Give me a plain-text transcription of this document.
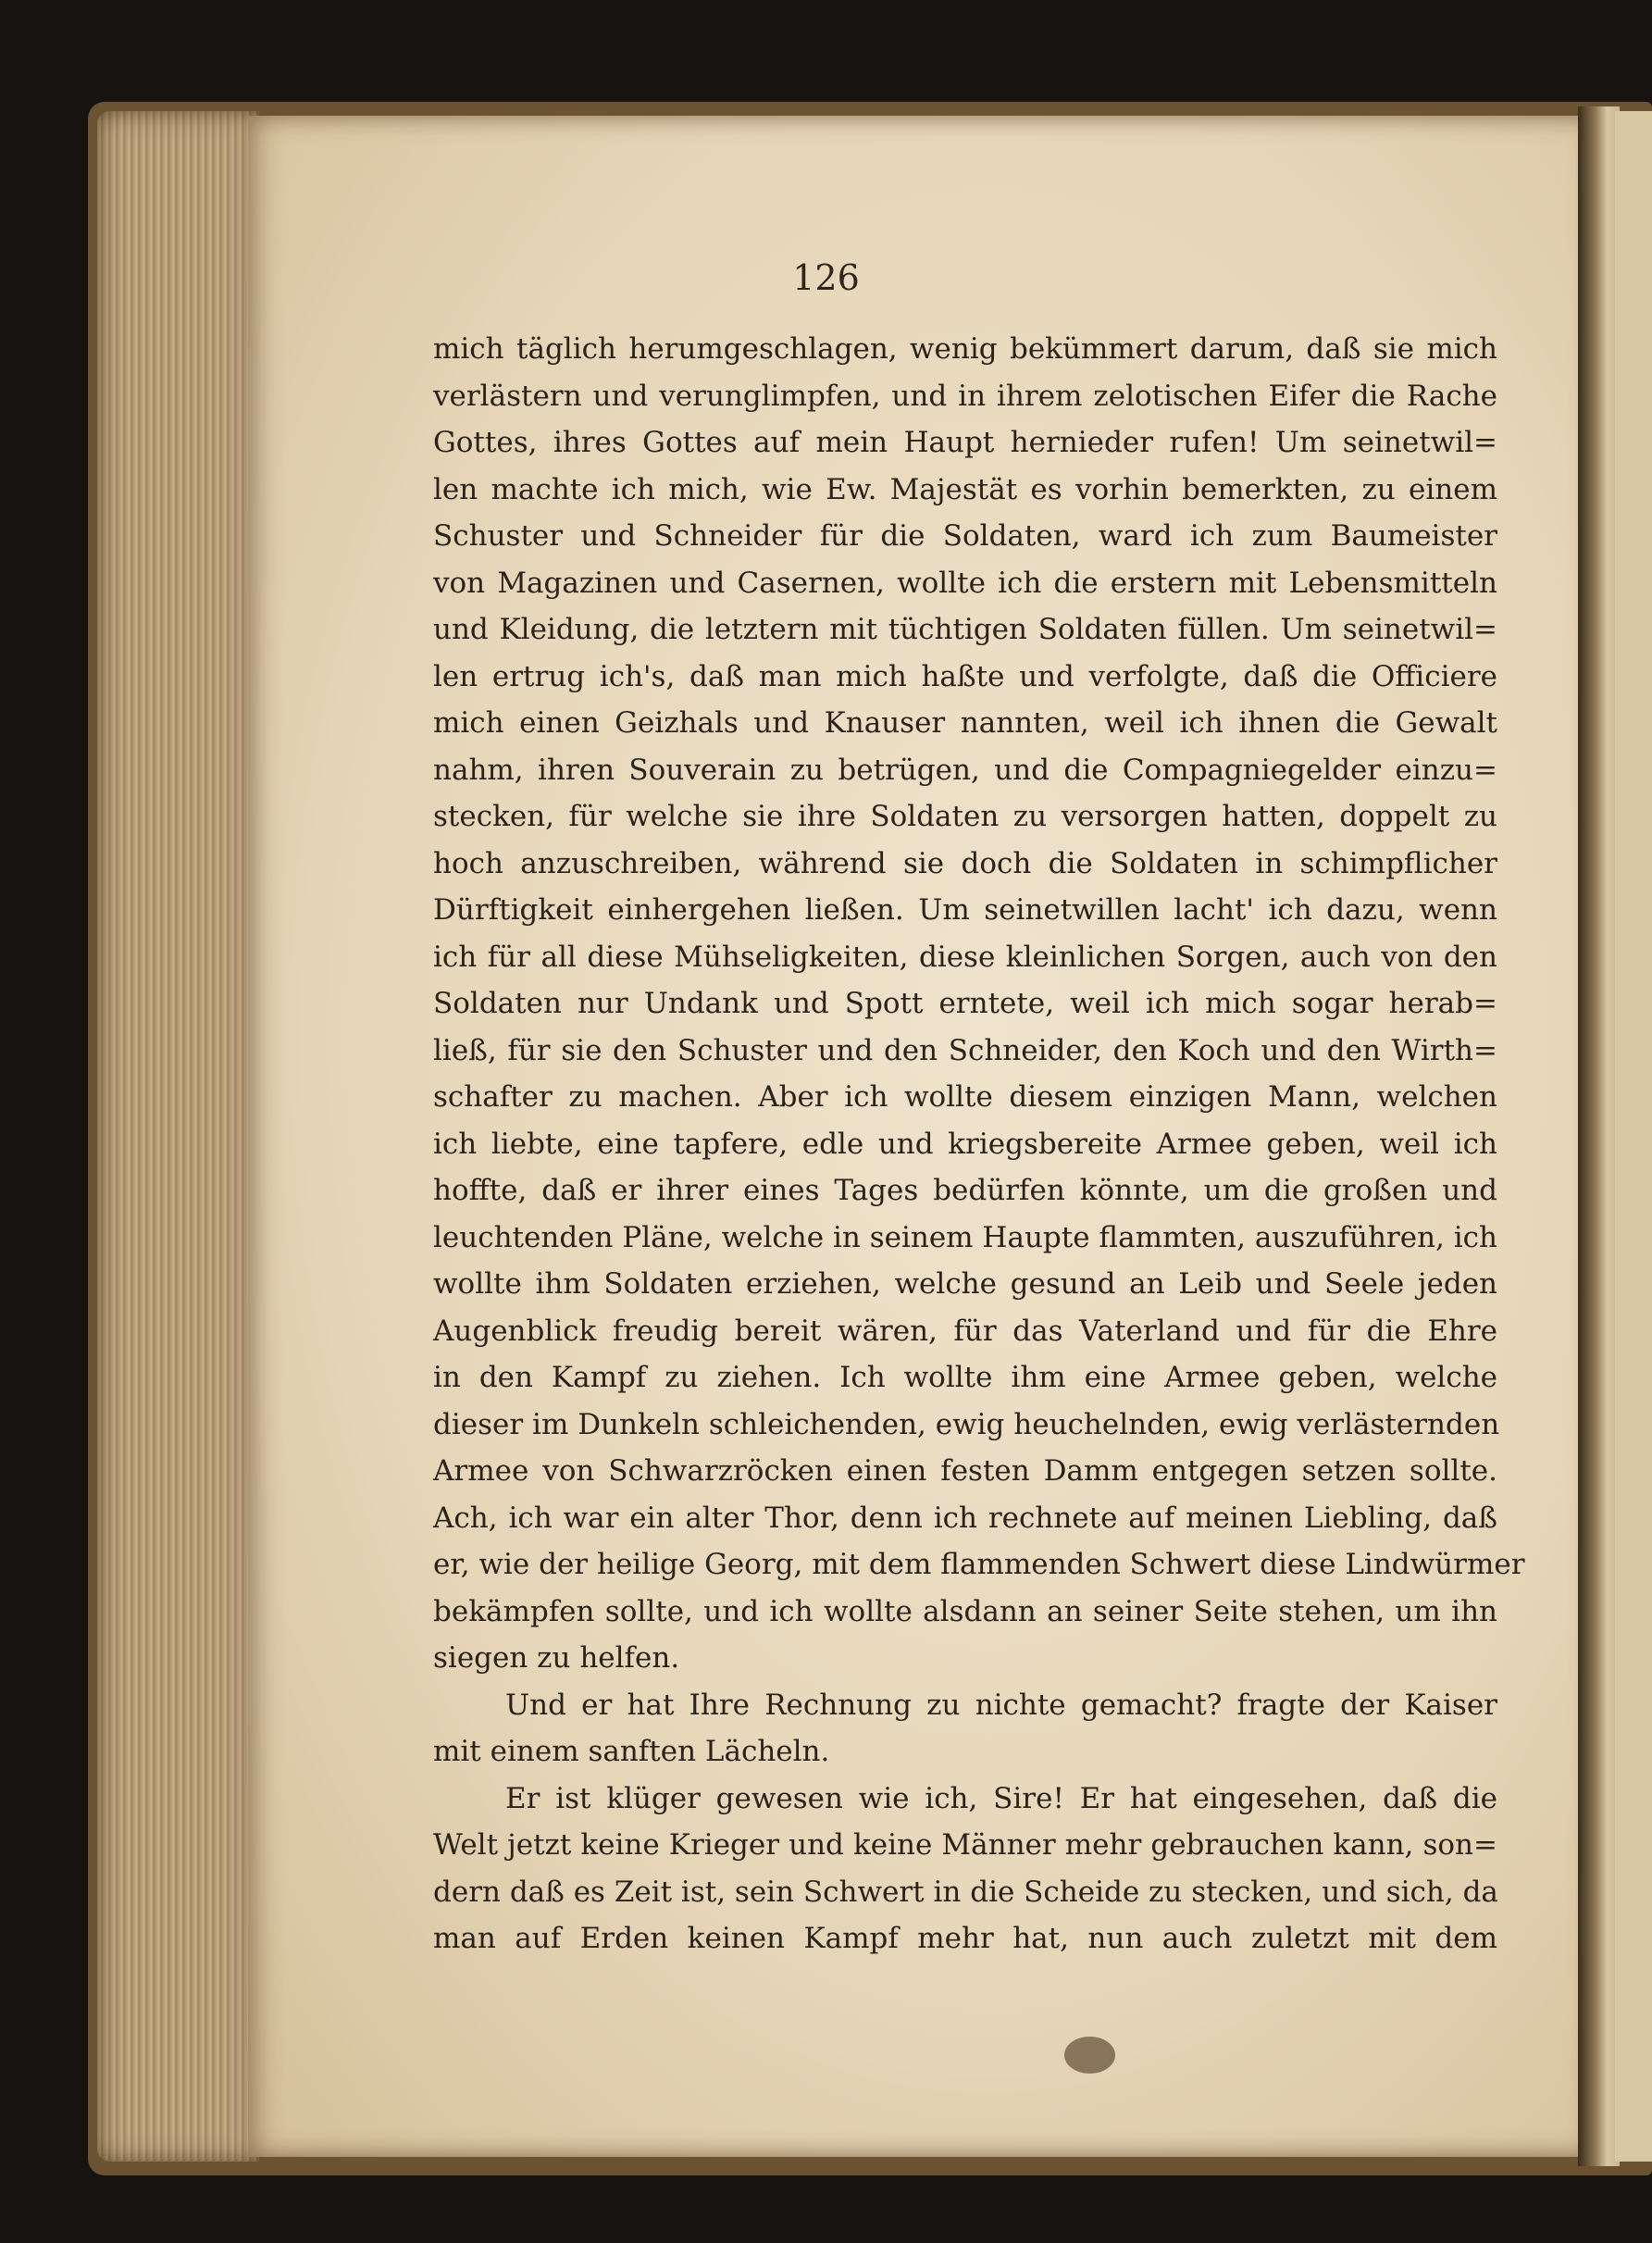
126
mich täglich herumgeschlagen, wenig bekümmert darum, daß sie mich
verlästern und verunglimpfen, und in ihrem zelotischen Eifer die Rache
Gottes, ihres Gottes auf mein Haupt hernieder rufen! Um seinetwil=
len machte ich mich, wie Ew. Majestät es vorhin bemerkten, zu einem
Schuster und Schneider für die Soldaten, ward ich zum Baumeister
von Magazinen und Casernen, wollte ich die erstern mit Lebensmitteln
und Kleidung, die letztern mit tüchtigen Soldaten füllen. Um seinetwil=
len ertrug ich's, daß man mich haßte und verfolgte, daß die Officiere
mich einen Geizhals und Knauser nannten, weil ich ihnen die Gewalt
nahm, ihren Souverain zu betrügen, und die Compagniegelder einzu=
stecken, für welche sie ihre Soldaten zu versorgen hatten, doppelt zu
hoch anzuschreiben, während sie doch die Soldaten in schimpflicher
Dürftigkeit einhergehen ließen. Um seinetwillen lacht' ich dazu, wenn
ich für all diese Mühseligkeiten, diese kleinlichen Sorgen, auch von den
Soldaten nur Undank und Spott erntete, weil ich mich sogar herab=
ließ, für sie den Schuster und den Schneider, den Koch und den Wirth=
schafter zu machen. Aber ich wollte diesem einzigen Mann, welchen
ich liebte, eine tapfere, edle und kriegsbereite Armee geben, weil ich
hoffte, daß er ihrer eines Tages bedürfen könnte, um die großen und
leuchtenden Pläne, welche in seinem Haupte flammten, auszuführen, ich
wollte ihm Soldaten erziehen, welche gesund an Leib und Seele jeden
Augenblick freudig bereit wären, für das Vaterland und für die Ehre
in den Kampf zu ziehen. Ich wollte ihm eine Armee geben, welche
dieser im Dunkeln schleichenden, ewig heuchelnden, ewig verlästernden
Armee von Schwarzröcken einen festen Damm entgegen setzen sollte.
Ach, ich war ein alter Thor, denn ich rechnete auf meinen Liebling, daß
er, wie der heilige Georg, mit dem flammenden Schwert diese Lindwürmer
bekämpfen sollte, und ich wollte alsdann an seiner Seite stehen, um ihn
siegen zu helfen.
Und er hat Ihre Rechnung zu nichte gemacht? fragte der Kaiser
mit einem sanften Lächeln.
Er ist klüger gewesen wie ich, Sire! Er hat eingesehen, daß die
Welt jetzt keine Krieger und keine Männer mehr gebrauchen kann, son=
dern daß es Zeit ist, sein Schwert in die Scheide zu stecken, und sich, da
man auf Erden keinen Kampf mehr hat, nun auch zuletzt mit dem
